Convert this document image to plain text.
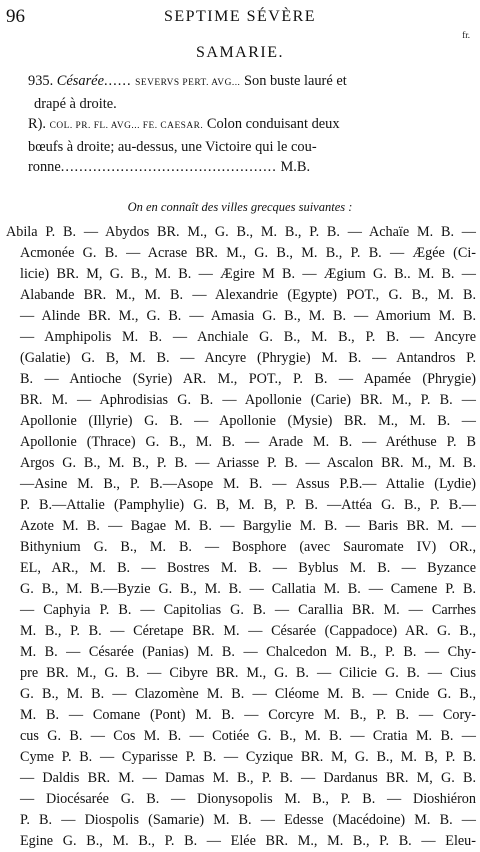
96	SEPTIME SÉVÈRE
fr.
SAMARIE.
935. Césarée...... SEVERVS PERT. AVG... Son buste lauré et
drapé à droite.
R). COL. PR. FL. AVG... FE. CAESAR. Colon conduisant deux
bœufs à droite; au-dessus, une Victoire qui le cou-
ronne............................................... M.B.
On en connaît des villes grecques suivantes :
Abila P. B. — Abydos BR. M., G. B., M. B., P. B. — Achaïe M. B. —
Acmonée G. B. — Acrase BR. M., G. B., M. B., P. B. — Ægée (Ci-
licie) BR. M, G. B., M. B. — Ægire M B. — Ægium G. B.. M. B. —
Alabande BR. M., M. B. — Alexandrie (Egypte) POT., G. B., M. B.
— Alinde BR. M., G. B. — Amasia G. B., M. B. — Amorium M. B.
— Amphipolis M. B. — Anchiale G. B., M. B., P. B. — Ancyre
(Galatie) G. B, M. B. — Ancyre (Phrygie) M. B. — Antandros P.
B. — Antioche (Syrie) AR. M., POT., P. B. — Apamée (Phrygie)
BR. M. — Aphrodisias G. B. — Apollonie (Carie) BR. M., P. B. —
Apollonie (Illyrie) G. B. — Apollonie (Mysie) BR. M., M. B. —
Apollonie (Thrace) G. B., M. B. — Arade M. B. — Aréthuse P. B
Argos G. B., M. B., P. B. — Ariasse P. B. — Ascalon BR. M., M. B.
—Asine M. B., P. B.—Asope M. B. — Assus P.B.— Attalie (Lydie)
P. B.—Attalie (Pamphylie) G. B, M. B, P. B. —Attéa G. B., P. B.—
Azote M. B. — Bagae M. B. — Bargylie M. B. — Baris BR. M. —
Bithynium G. B., M. B. — Bosphore (avec Sauromate IV) OR.,
EL, AR., M. B. — Bostres M. B. — Byblus M. B. — Byzance
G. B., M. B.—Byzie G. B., M. B. — Callatia M. B. — Camene P. B.
— Caphyia P. B. — Capitolias G. B. — Carallia BR. M. — Carrhes
M. B., P. B. — Céretape BR. M. — Césarée (Cappadoce) AR. G. B.,
M. B. — Césarée (Panias) M. B. — Chalcedon M. B., P. B. — Chy-
pre BR. M., G. B. — Cibyre BR. M., G. B. — Cilicie G. B. — Cius
G. B., M. B. — Clazomène M. B. — Cléome M. B. — Cnide G. B.,
M. B. — Comane (Pont) M. B. — Corcyre M. B., P. B. — Cory-
cus G. B. — Cos M. B. — Cotiée G. B., M. B. — Cratia M. B. —
Cyme P. B. — Cyparisse P. B. — Cyzique BR. M, G. B., M. B, P. B.
— Daldis BR. M. — Damas M. B., P. B. — Dardanus BR. M, G. B.
— Diocésarée G. B. — Dionysopolis M. B., P. B. — Dioshiéron
P. B. — Diospolis (Samarie) M. B. — Edesse (Macédoine) M. B. —
Egine G. B., M. B., P. B. — Elée BR. M., M. B., P. B. — Eleu-
